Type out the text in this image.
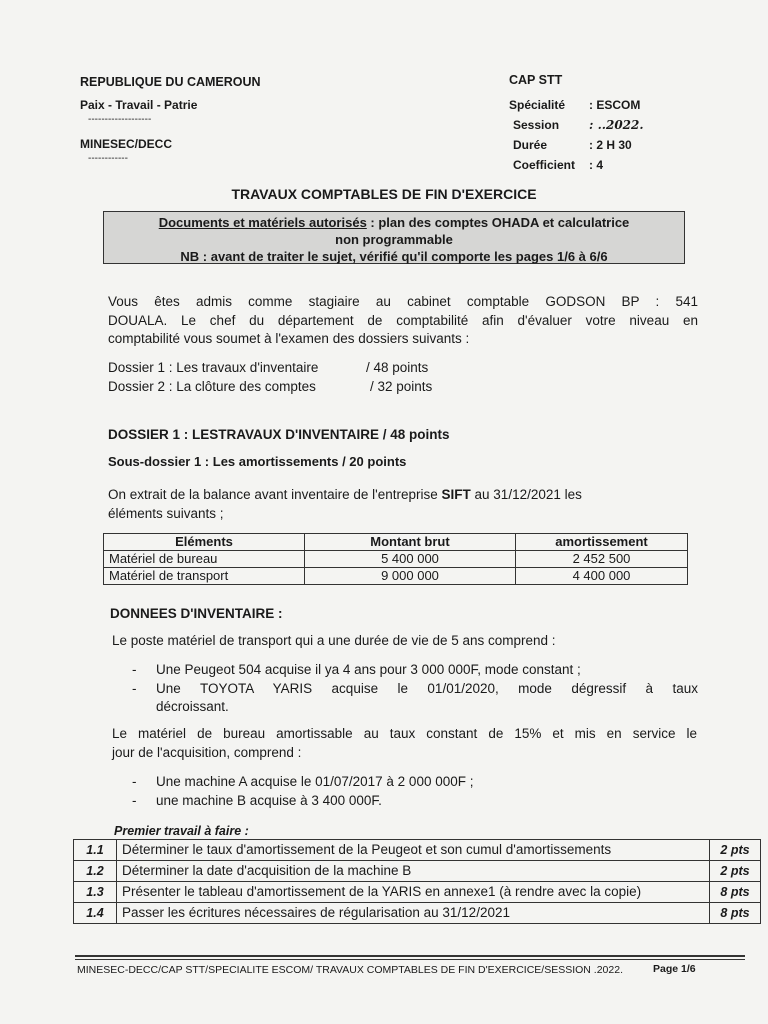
REPUBLIQUE DU CAMEROUN
Paix - Travail - Patrie
-------------------
MINESEC/DECC
------------
CAP STT
Spécialité : ESCOM
Session : ..2022.
Durée	: 2 H 30
Coefficient : 4
TRAVAUX COMPTABLES DE FIN D'EXERCICE
Documents et matériels autorisés : plan des comptes OHADA et calculatrice
non programmable
NB : avant de traiter le sujet, vérifié qu'il comporte les pages 1/6 à 6/6
Vous êtes admis comme stagiaire au cabinet comptable GODSON BP : 541
DOUALA. Le chef du département de comptabilité afin d'évaluer votre niveau en
comptabilité vous soumet à l'examen des dossiers suivants :
Dossier 1 : Les travaux d'inventaire	/ 48 points
Dossier 2 : La clôture des comptes	/ 32 points
DOSSIER 1 : LESTRAVAUX D'INVENTAIRE / 48 points
Sous-dossier 1 : Les amortissements / 20 points
On extrait de la balance avant inventaire de l'entreprise SIFT au 31/12/2021 les
éléments suivants ;
Eléments	Montant brut	amortissement
Matériel de bureau	5 400 000	2 452 500
Matériel de transport	9 000 000	4 400 000
DONNEES D'INVENTAIRE :
Le poste matériel de transport qui a une durée de vie de 5 ans comprend :
- Une Peugeot 504 acquise il ya 4 ans pour 3 000 000F, mode constant ;
-	Une TOYOTA YARIS acquise le 01/01/2020, mode dégressif à taux
décroissant.
Le matériel de bureau amortissable au taux constant de 15% et mis en service le
jour de l'acquisition, comprend :
- Une machine A acquise le 01/07/2017 à 2 000 000F ;
- une machine B acquise à 3 400 000F.
Premier travail à faire :
1.1	Déterminer le taux d'amortissement de la Peugeot et son cumul d'amortissements	2 pts
1.2	Déterminer la date d'acquisition de la machine B	2 pts
1.3	Présenter le tableau d'amortissement de la YARIS en annexe1 (à rendre avec la copie)	8 pts
1.4	Passer les écritures nécessaires de régularisation au 31/12/2021	8 pts
MINESEC-DECC/CAP STT/SPECIALITE ESCOM/ TRAVAUX COMPTABLES DE FIN D'EXERCICE/SESSION .2022.	Page 1/6
